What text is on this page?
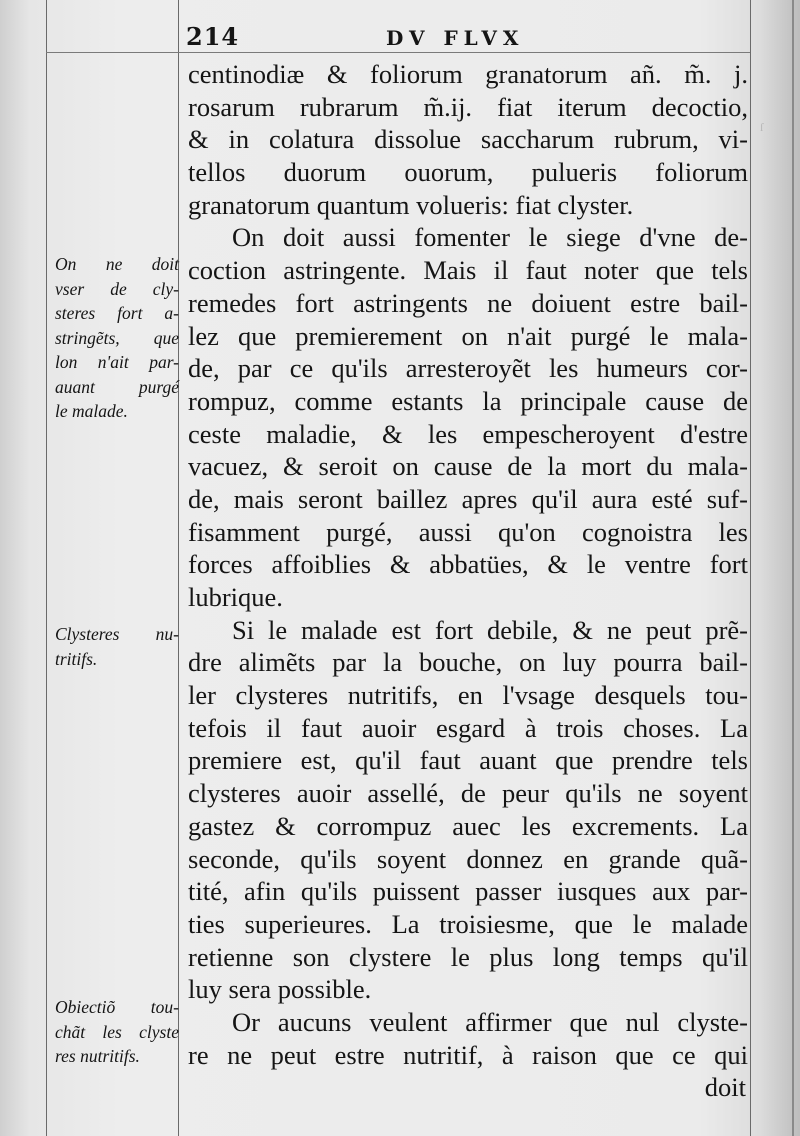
ſ
214	DV FLVX
centinodiæ & foliorum granatorum añ. m̃. j.
rosarum rubrarum m̃.ij. fiat iterum decoctio,
& in colatura dissolue saccharum rubrum, vi-
tellos duorum ouorum, pulueris foliorum
granatorum quantum volueris: fiat clyster.
On doit aussi fomenter le siege d'vne de-
coction astringente. Mais il faut noter que tels
remedes fort astringents ne doiuent estre bail-
lez que premierement on n'ait purgé le mala-
de, par ce qu'ils arresteroyẽt les humeurs cor-
rompuz, comme estants la principale cause de
ceste maladie, & les empescheroyent d'estre
vacuez, & seroit on cause de la mort du mala-
de, mais seront baillez apres qu'il aura esté suf-
fisamment purgé, aussi qu'on cognoistra les
forces affoiblies & abbatües, & le ventre fort
lubrique.
Si le malade est fort debile, & ne peut prẽ-
dre alimẽts par la bouche, on luy pourra bail-
ler clysteres nutritifs, en l'vsage desquels tou-
tefois il faut auoir esgard à trois choses. La
premiere est, qu'il faut auant que prendre tels
clysteres auoir assellé, de peur qu'ils ne soyent
gastez & corrompuz auec les excrements. La
seconde, qu'ils soyent donnez en grande quã-
tité, afin qu'ils puissent passer iusques aux par-
ties superieures. La troisiesme, que le malade
retienne son clystere le plus long temps qu'il
luy sera possible.
Or aucuns veulent affirmer que nul clyste-
re ne peut estre nutritif, à raison que ce qui
On ne doit
vser de cly-
steres fort a-
stringẽts, que
lon n'ait par-
auant purgé
le malade.
Clysteres nu-
tritifs.
Obiectiõ tou-
chãt les clyste
res nutritifs.
doit
